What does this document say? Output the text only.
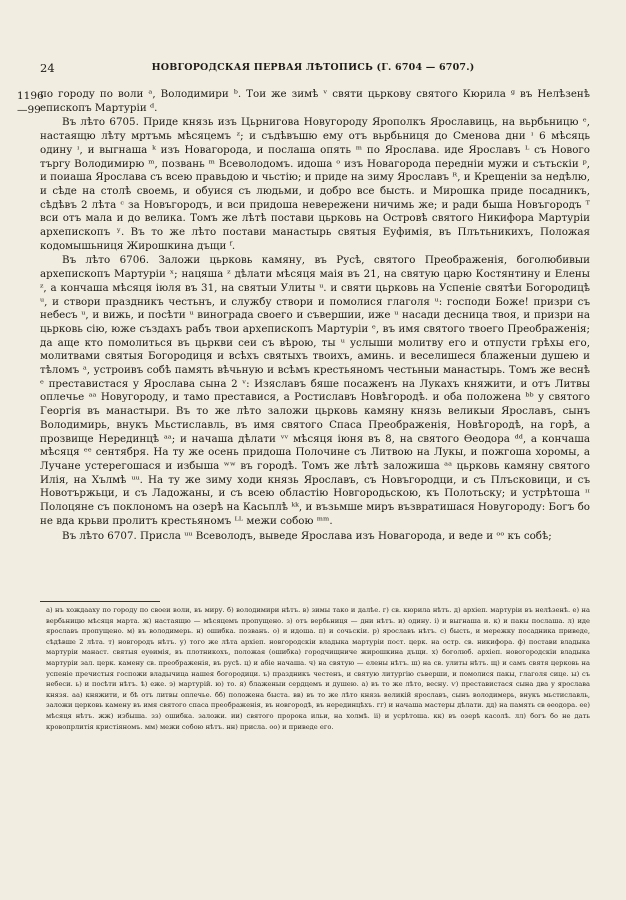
24	НОВГОРОДСКАЯ ПЕРВАЯ ЛѢТОПИСЬ (Г. 6704 — 6707.)
1196 —99

по городу по воли ᵃ, Володимири ᵇ. Тои же зимѣ ᵛ святи цьркову святого Кюрила ᵍ въ Нелѣзенѣ епископъ Мартурiи ᵈ.

Въ лѣто 6705. Приде князь изъ Цьрнигова Новугороду Ярополкъ Ярославиць, на вьрбьницю ᵉ, настаящю лѣту мртъмь мѣсяцемъ ᶻ; и съдѣвъшю ему отъ вьрбьниця до Сменова дни ᶦ 6 мѣсяць одину ᶦ, и выгнаша ᵏ изъ Новагорода, и послаша опять ᵐ по Ярослава. иде Ярославъ ᴸ съ Нового търгу Володимирю ᵐ, позвань ᵐ Всеволодомъ. идоша ᵒ изъ Новагорода передніи мужи и сътьскiи ᵖ, и поиаша Ярослава съ всею правьдою и чьстiю; и приде на зиму Ярославъ ᴿ, и Крещеніи за недѣлю, и сѣде на столѣ своемь, и обуися съ людьми, и добро все бысть. и Мирошка приде посадникъ, сѣдѣвъ 2 лѣта ᶜ за Новъгородъ, и вси придоша невережени ничимь же; и ради быша Новъгородъ ᵀ вси отъ мала и до велика. Томъ же лѣтѣ постави цьрковь на Островѣ святого Никифора Мартурiи архепископъ ʸ. Въ то же лѣто постави манастырь святыя Еуфимiя, въ Плътьникихъ, Положая кодомышьниця Жирошкина дъщи ᶠ.

Въ лѣто 6706. Заложи цьрковь камяну, въ Русѣ, святого Преображенія, боголюбивыи архепископъ Мартурiи ˣ; нацяша ᶻ дѣлати мѣсяця маія въ 21, на святую царю Костянтину и Елены ᶻ, а кончаша мѣсяця iюля въ 31, на святыи Улиты ᵘ. и святи цьрковь на Успеніе святѣи Богородицѣ ᵘ, и створи праздникъ честьнъ, и службу створи и помолися глаголя ᵘ: господи Боже! призри съ небесъ ᵘ, и вижь, и посѣти ᵘ винограда своего и съвершии, иже ᵘ насади десница твоя, и призри на цьрковь сію, юже създахъ рабъ твои архепископъ Мартурiи ᵉ, въ имя святого твоего Преображенія; да аще кто помолиться въ цьркви сеи съ вѣрою, ты ᵘ услыши молитву его и отпусти грѣхы его, молитвами святыя Богородиця и всѣхъ святыхъ твоихъ, аминь. и веселишеся блаженыи душею и тѣломъ ᵃ, устроивъ собѣ память вѣчьную и всѣмъ крестьяномъ честьныи манастырь. Томъ же веснѣ ᵉ преставистася у Ярослава сына 2 ᵛ: Изяславъ бяше посаженъ на Лукахъ княжити, и отъ Литвы оплечье ᵃᵃ Новугороду, и тамо преставися, а Ростиславъ Новѣгородѣ. и оба положена ᵇᵇ у святого Георгія въ манастыри. Въ то же лѣто заложи цьрковь камяну князь великыи Ярославъ, сынъ Володимирь, внукъ Мьстиславль, въ имя святого Спаса Преображенія, Новѣгородѣ, на горѣ, а прозвище Нерединцѣ ᵃᵃ; и начаша дѣлати ᵛᵛ мѣсяця iюня въ 8, на святого Ѳеодора ᵈᵈ, а кончаша мѣсяця ᵉᵉ сентября. На ту же осень придоша Полочине съ Литвою на Лукы, и пожгоша хоромы, а Лучане устерегошася и избыша ʷʷ въ городѣ. Томъ же лѣтѣ заложиша ᵃᵃ цьрковь камяну святого Илія, на Хълмѣ ᵘᵘ. На ту же зиму ходи князь Ярославъ, съ Новъгородци, и съ Плъсковици, и съ Новотържьци, и съ Ладожаны, и съ всею областію Новгородьскою, къ Полотьску; и устрѣтоша ᶦᶦ Полоцяне съ поклономъ на озерѣ на Касьплѣ ᵏᵏ, и възьмше миръ възвратишася Новугороду: Богъ бо не вда крьви пролитъ крестьяномъ ᴸᴸ межи собою ᵐᵐ.

Въ лѣто 6707. Присла ᵘᵘ Всеволодъ, выведе Ярослава изъ Новагорода, и веде и ᵒᵒ къ собѣ;

а) нъ хождааху по городу по своеи воли, въ миру. б) володимири нѣтъ. в) зимы тако и далѣе. г) св. кюрила нѣтъ. д) архіеп. мартурiи въ нелѣзенѣ. е) на вербьницю мѣсяця марта. ж) настаящю — мѣсяцемъ пропущено. з) отъ вербьниця — дни нѣтъ. и) одину. і) и выгнаша и. к) и пакы послаша. л) иде ярославъ пропущено. м) въ володимерь. н) ошибка. позванъ. о) и идоша. п) и сочьскiи. р) ярославъ нѣтъ. с) бысть, и мережку посадника приведе, сѣдѣвше 2 лѣта. т) новгородъ нѣтъ. у) того же лѣта архіеп. новгородскiи владыка мартурiи пост. церк. на остр. св. никифора. ф) постави владыка мартурiи манаст. святыя еуѳимія, въ плотникохъ, положая (ошибка) городчищниче жирошкина дъщи. х) боголюб. архіеп. новогородскiи владыка мартурiи зал. церк. камену св. преображенія, въ русѣ. ц) и абіе начаша. ч) на святую — елены нѣтъ. ш) на св. улиты нѣтъ. щ) и самъ святя церковь на успеніе пречистыя госпожи владычица нашея богородици. ъ) праздникъ честенъ, и святую литургiю съверши, и помолися пакы, глаголя сице. ы) съ небеси. ь) и посѣти нѣтъ. ѣ) еже. э) мартурiй. ю) то. я) блаженыи сердцемъ и душею. а) въ то же лѣто, весну. ѵ) преставистася сына два у ярослава князя. аа) княжити, и бѣ отъ литвы оплечье. бб) положена быста. вв) въ то же лѣто князь великiй ярославъ, сынъ володимерь, внукъ мьстиславль, заложи церковь камену въ имя святого спаса преображенія, въ новгородѣ, въ нерединцѣхъ. гг) и начаша мастеры дѣлати. дд) на память св ѳеодора. ее) мѣсяця нѣтъ. жж) избыша. зз) ошибка. заложи. ии) святого пророка ильи, на холмѣ. іі) и усрѣтоша. кк) въ озерѣ касолѣ. лл) богъ бо не дать кровопрлитія кристiяномъ. мм) межи собою нѣтъ. нн) присла. оо) и приведе его.
